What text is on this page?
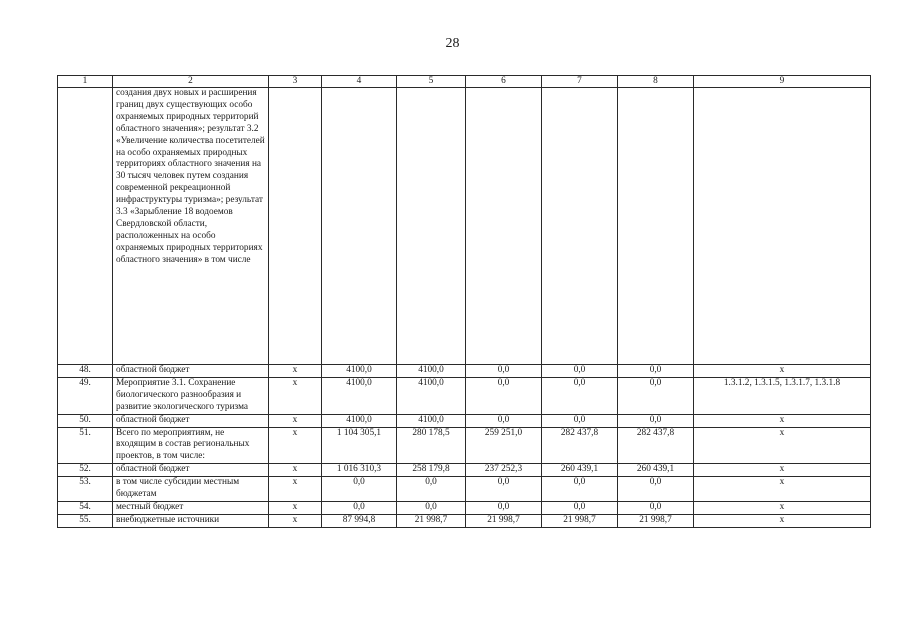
28
1	2	3	4	5	6	7	8	9
	создания двух новых и расширения границ двух существующих особо охраняемых природных территорий областного значения»; результат 3.2 «Увеличение количества посетителей на особо охраняемых природных территориях областного значения на 30 тысяч человек путем создания современной рекреационной инфраструктуры туризма»; результат 3.3 «Зарыбление 18 водоемов Свердловской области, расположенных на особо охраняемых природных территориях областного значения» в том числе							
48.	областной бюджет	х	4100,0	4100,0	0,0	0,0	0,0	х
49.	Мероприятие 3.1. Сохранение биологического разнообразия и развитие экологического туризма	х	4100,0	4100,0	0,0	0,0	0,0	1.3.1.2, 1.3.1.5, 1.3.1.7, 1.3.1.8
50.	областной бюджет	х	4100,0	4100,0	0,0	0,0	0,0	х
51.	Всего по мероприятиям, не входящим в состав региональных проектов, в том числе:	х	1 104 305,1	280 178,5	259 251,0	282 437,8	282 437,8	х
52.	областной бюджет	х	1 016 310,3	258 179,8	237 252,3	260 439,1	260 439,1	х
53.	в том числе субсидии местным бюджетам	х	0,0	0,0	0,0	0,0	0,0	х
54.	местный бюджет	х	0,0	0,0	0,0	0,0	0,0	х
55.	внебюджетные источники	х	87 994,8	21 998,7	21 998,7	21 998,7	21 998,7	х
